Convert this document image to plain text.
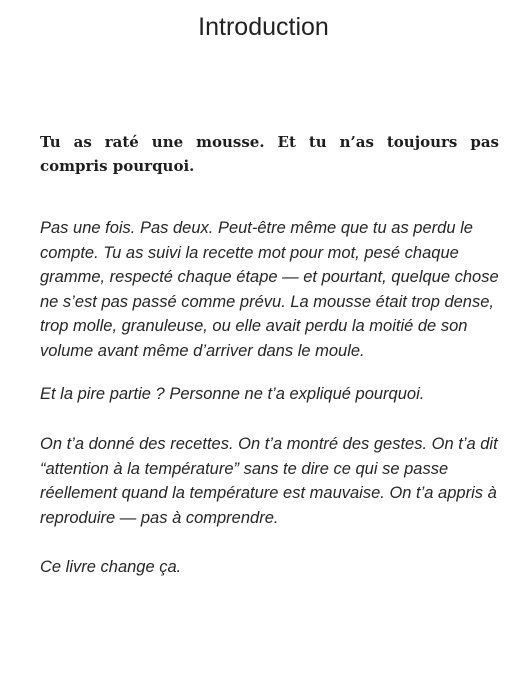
Introduction

Tu as raté une mousse. Et tu n’as toujours pas compris pourquoi.

Pas une fois. Pas deux. Peut-être même que tu as perdu le compte. Tu as suivi la recette mot pour mot, pesé chaque gramme, respecté chaque étape — et pourtant, quelque chose ne s’est pas passé comme prévu. La mousse était trop dense, trop molle, granuleuse, ou elle avait perdu la moitié de son volume avant même d’arriver dans le moule.

Et la pire partie ? Personne ne t’a expliqué pourquoi.

On t’a donné des recettes. On t’a montré des gestes. On t’a dit “attention à la température” sans te dire ce qui se passe réellement quand la température est mauvaise. On t’a appris à reproduire — pas à comprendre.

Ce livre change ça.
